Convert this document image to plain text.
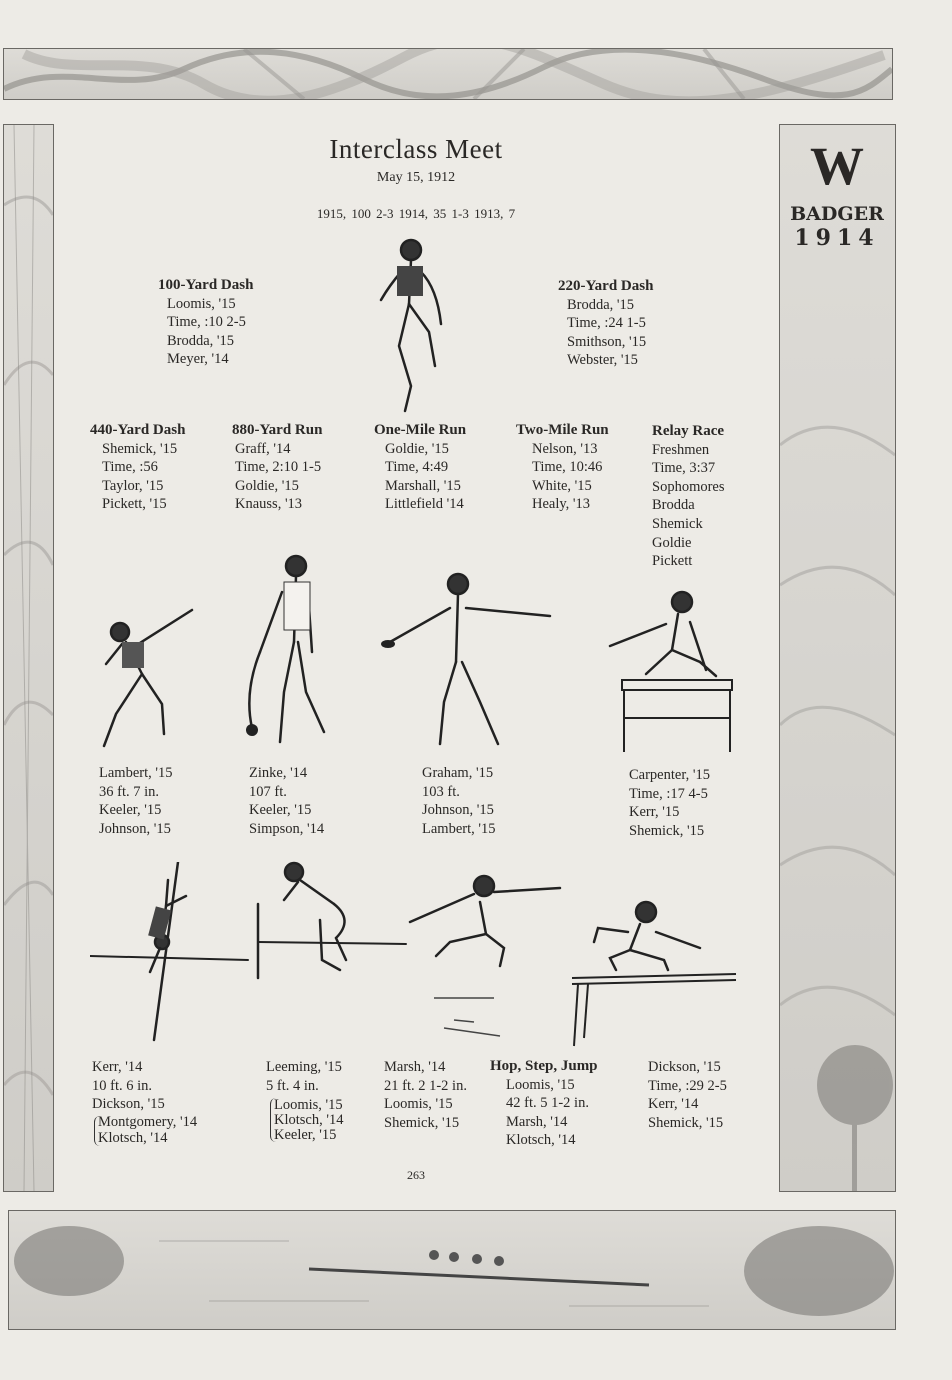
W
BADGER
1914
Interclass Meet
May 15, 1912
1915, 100 2-3 1914, 35 1-3 1913, 7
100-Yard Dash
Loomis, '15
Time, :10 2-5
Brodda, '15
Meyer, '14
220-Yard Dash
Brodda, '15
Time, :24 1-5
Smithson, '15
Webster, '15
440-Yard Dash
Shemick, '15
Time, :56
Taylor, '15
Pickett, '15
880-Yard Run
Graff, '14
Time, 2:10 1-5
Goldie, '15
Knauss, '13
One-Mile Run
Goldie, '15
Time, 4:49
Marshall, '15
Littlefield '14
Two-Mile Run
Nelson, '13
Time, 10:46
White, '15
Healy, '13
Relay Race
Freshmen
Time, 3:37
Sophomores
Brodda
Shemick
Goldie
Pickett
Lambert, '15
36 ft. 7 in.
Keeler, '15
Johnson, '15
Zinke, '14
107 ft.
Keeler, '15
Simpson, '14
Graham, '15
103 ft.
Johnson, '15
Lambert, '15
Carpenter, '15
Time, :17 4-5
Kerr, '15
Shemick, '15
Kerr, '14
10 ft. 6 in.
Dickson, '15
Montgomery, '14
Klotsch, '14
Leeming, '15
5 ft. 4 in.
Loomis, '15
Klotsch, '14
Keeler, '15
Marsh, '14
21 ft. 2 1-2 in.
Loomis, '15
Shemick, '15
Hop, Step, Jump
Loomis, '15
42 ft. 5 1-2 in.
Marsh, '14
Klotsch, '14
Dickson, '15
Time, :29 2-5
Kerr, '14
Shemick, '15
263
